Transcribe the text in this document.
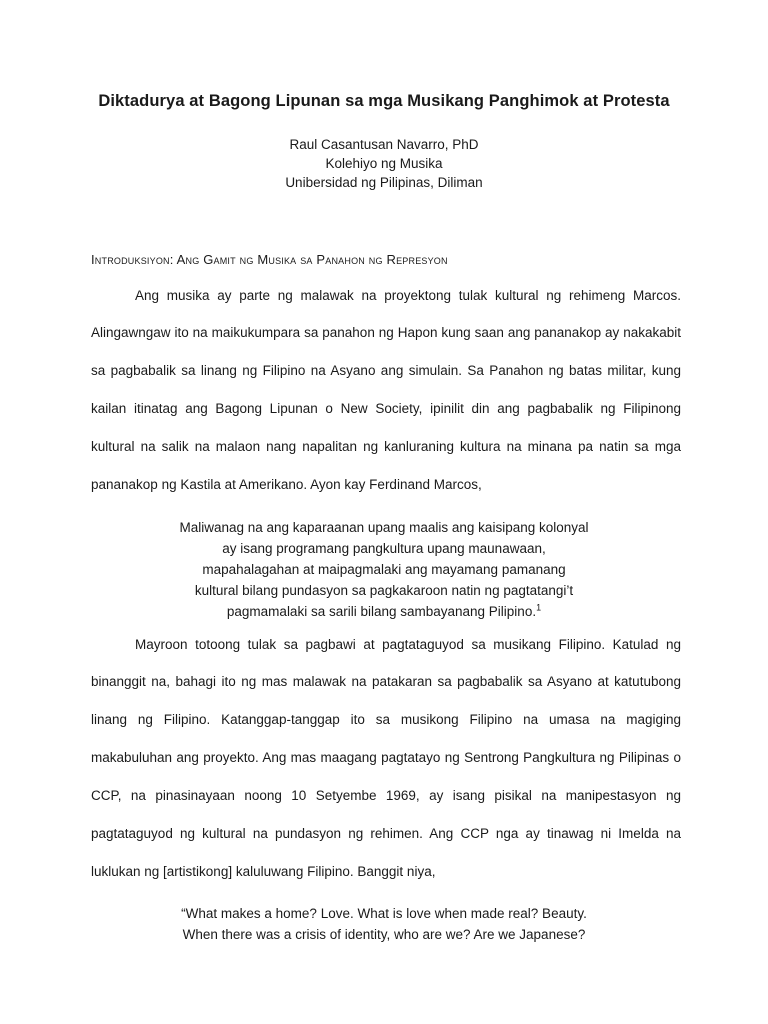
Diktadurya at Bagong Lipunan sa mga Musikang Panghimok at Protesta
Raul Casantusan Navarro, PhD
Kolehiyo ng Musika
Unibersidad ng Pilipinas, Diliman
Introduksiyon: Ang Gamit ng Musika sa Panahon ng Represyon
Ang musika ay parte ng malawak na proyektong tulak kultural ng rehimeng Marcos.
Alingawngaw ito na maikukumpara sa panahon ng Hapon kung saan ang pananakop ay nakakabit
sa pagbabalik sa linang ng Filipino na Asyano ang simulain. Sa Panahon ng batas militar, kung
kailan itinatag ang Bagong Lipunan o New Society, ipinilit din ang pagbabalik ng Filipinong
kultural na salik na malaon nang napalitan ng kanluraning kultura na minana pa natin sa mga
pananakop ng Kastila at Amerikano. Ayon kay Ferdinand Marcos,
Maliwanag na ang kaparaanan upang maalis ang kaisipang kolonyal
ay isang programang pangkultura upang maunawaan,
mapahalagahan at maipagmalaki ang mayamang pamanang
kultural bilang pundasyon sa pagkakaroon natin ng pagtatangi’t
pagmamalaki sa sarili bilang sambayanang Pilipino.$^1$
Mayroon totoong tulak sa pagbawi at pagtataguyod sa musikang Filipino. Katulad ng
binanggit na, bahagi ito ng mas malawak na patakaran sa pagbabalik sa Asyano at katutubong
linang ng Filipino. Katanggap-tanggap ito sa musikong Filipino na umasa na magiging
makabuluhan ang proyekto. Ang mas maagang pagtatayo ng Sentrong Pangkultura ng Pilipinas o
CCP, na pinasinayaan noong 10 Setyembe 1969, ay isang pisikal na manipestasyon ng
pagtataguyod ng kultural na pundasyon ng rehimen. Ang CCP nga ay tinawag ni Imelda na
luklukan ng [artistikong] kaluluwang Filipino. Banggit niya,
“What makes a home? Love. What is love when made real? Beauty.
When there was a crisis of identity, who are we? Are we Japanese?
